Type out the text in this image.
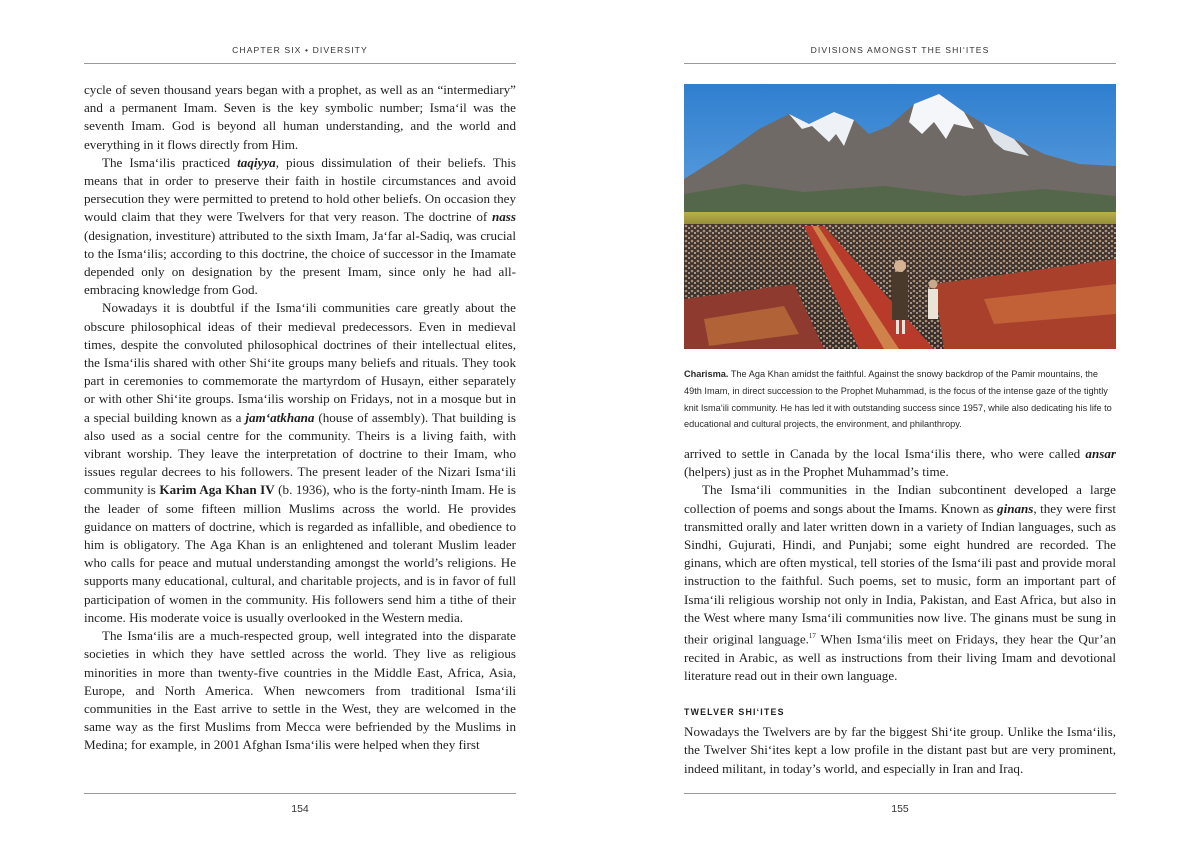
CHAPTER SIX • DIVERSITY

cycle of seven thousand years began with a prophet, as well as an “intermediary” and a permanent Imam. Seven is the key symbolic number; Isma‘il was the seventh Imam. God is beyond all human understanding, and the world and everything in it flows directly from Him.

The Isma‘ilis practiced taqiyya, pious dissimulation of their beliefs. This means that in order to preserve their faith in hostile circumstances and avoid persecution they were permitted to pretend to hold other beliefs. On occasion they would claim that they were Twelvers for that very reason. The doctrine of nass (designation, investiture) attributed to the sixth Imam, Ja‘far al-Sadiq, was crucial to the Isma‘ilis; according to this doctrine, the choice of successor in the Imamate depended only on designation by the present Imam, since only he had all-embracing knowledge from God.

Nowadays it is doubtful if the Isma‘ili communities care greatly about the obscure philosophical ideas of their medieval predecessors. Even in medieval times, despite the convoluted philosophical doctrines of their intellectual elites, the Isma‘ilis shared with other Shi‘ite groups many beliefs and rituals. They took part in ceremonies to commemorate the martyrdom of Husayn, either separately or with other Shi‘ite groups. Isma‘ilis worship on Fridays, not in a mosque but in a special building known as a jam‘atkhana (house of assembly). That building is also used as a social centre for the community. Theirs is a living faith, with vibrant worship. They leave the interpretation of doctrine to their Imam, who issues regular decrees to his followers. The present leader of the Nizari Isma‘ili community is Karim Aga Khan IV (b. 1936), who is the forty-ninth Imam. He is the leader of some fifteen million Muslims across the world. He provides guidance on matters of doctrine, which is regarded as infallible, and obedience to him is obligatory. The Aga Khan is an enlightened and tolerant Muslim leader who calls for peace and mutual understanding amongst the world’s religions. He supports many educational, cultural, and charitable projects, and is in favor of full participation of women in the community. His followers send him a tithe of their income. His moderate voice is usually overlooked in the Western media.

The Isma‘ilis are a much-respected group, well integrated into the disparate societies in which they have settled across the world. They live as religious minorities in more than twenty-five countries in the Middle East, Africa, Asia, Europe, and North America. When newcomers from traditional Isma‘ili communities in the East arrive to settle in the West, they are welcomed in the same way as the first Muslims from Mecca were befriended by the Muslims in Medina; for example, in 2001 Afghan Isma‘ilis were helped when they first

154
DIVISIONS AMONGST THE SHI‘ITES
Charisma. The Aga Khan amidst the faithful. Against the snowy backdrop of the Pamir mountains, the 49th Imam, in direct succession to the Prophet Muhammad, is the focus of the intense gaze of the tightly knit Isma‘ili community. He has led it with outstanding success since 1957, while also dedicating his life to educational and cultural projects, the environment, and philanthropy.

arrived to settle in Canada by the local Isma‘ilis there, who were called ansar (helpers) just as in the Prophet Muhammad’s time.

The Isma‘ili communities in the Indian subcontinent developed a large collection of poems and songs about the Imams. Known as ginans, they were first transmitted orally and later written down in a variety of Indian languages, such as Sindhi, Gujurati, Hindi, and Punjabi; some eight hundred are recorded. The ginans, which are often mystical, tell stories of the Isma‘ili past and provide moral instruction to the faithful. Such poems, set to music, form an important part of Isma‘ili religious worship not only in India, Pakistan, and East Africa, but also in the West where many Isma‘ili communities now live. The ginans must be sung in their original language.$^{17}$ When Isma‘ilis meet on Fridays, they hear the Qur’an recited in Arabic, as well as instructions from their living Imam and devotional literature read out in their own language.

TWELVER SHI‘ITES

Nowadays the Twelvers are by far the biggest Shi‘ite group. Unlike the Isma‘ilis, the Twelver Shi‘ites kept a low profile in the distant past but are very prominent, indeed militant, in today’s world, and especially in Iran and Iraq.

155
